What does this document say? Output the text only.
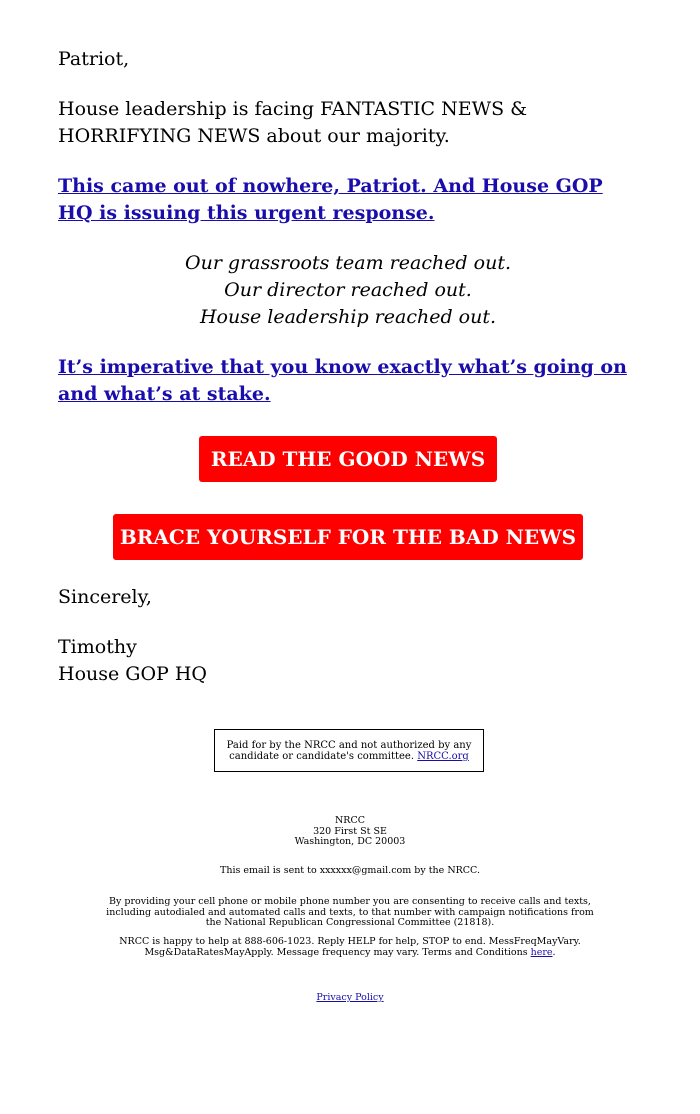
Patriot,

House leadership is facing FANTASTIC NEWS & HORRIFYING NEWS about our majority.

This came out of nowhere, Patriot. And House GOP HQ is issuing this urgent response.
Our grassroots team reached out.
Our director reached out.
House leadership reached out.
It’s imperative that you know exactly what’s going on and what’s at stake.
READ THE GOOD NEWS
BRACE YOURSELF FOR THE BAD NEWS

Sincerely,

Timothy

House GOP HQ

Paid for by the NRCC and not authorized by any candidate or candidate's committee. NRCC.org
NRCC
320 First St SE
Washington, DC 20003
This email is sent to xxxxxx@gmail.com by the NRCC.
By providing your cell phone or mobile phone number you are consenting to receive calls and texts, including autodialed and automated calls and texts, to that number with campaign notifications from the National Republican Congressional Committee (21818).
NRCC is happy to help at 888-606-1023. Reply HELP for help, STOP to end. MessFreqMayVary. Msg&DataRatesMayApply. Message frequency may vary. Terms and Conditions here.
Privacy Policy
